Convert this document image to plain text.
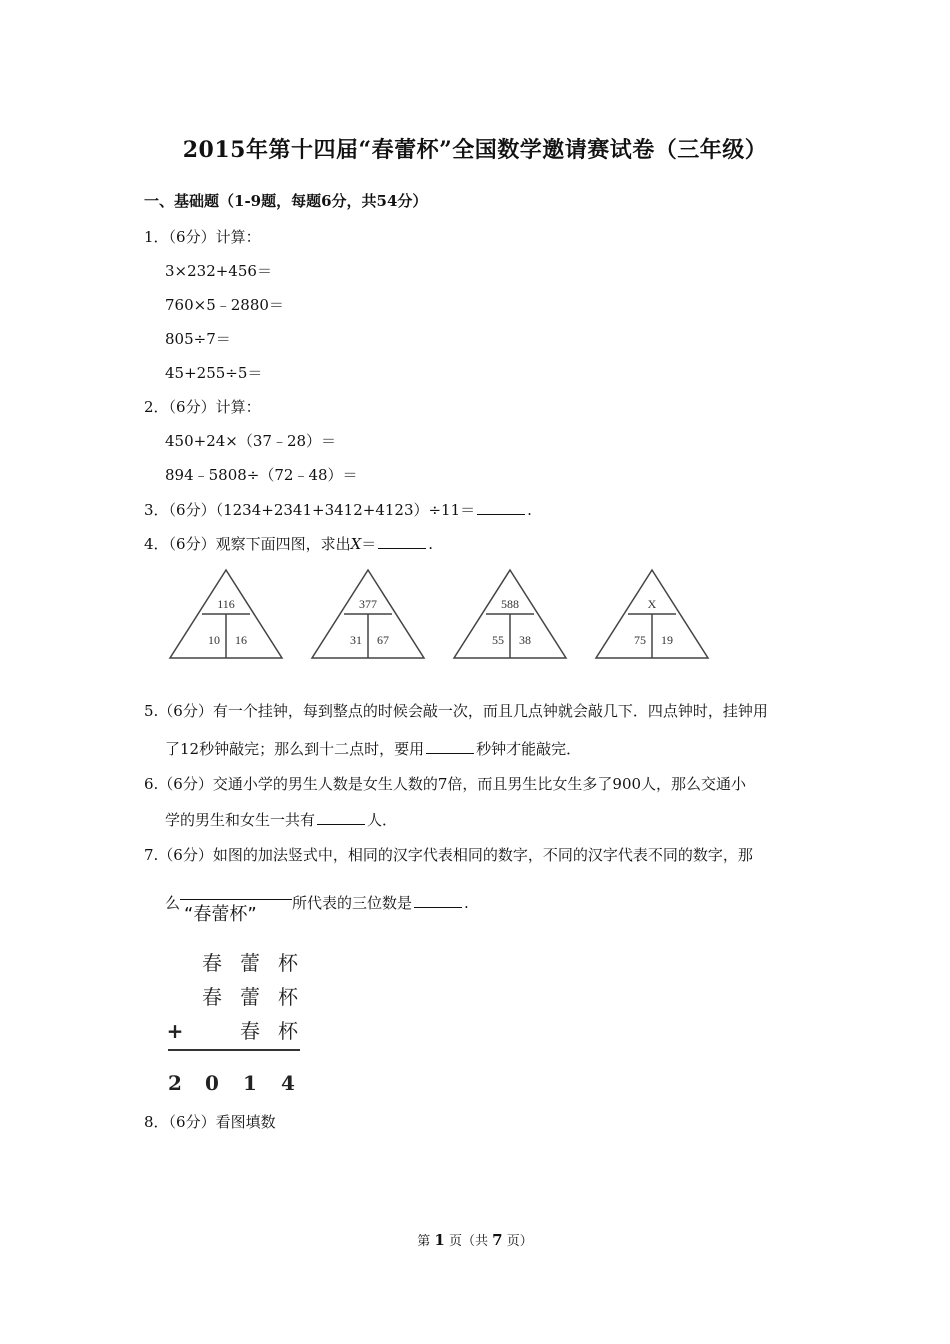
2015年第十四届“春蕾杯”全国数学邀请赛试卷（三年级）
一、基础题（1-9题，每题6分，共54分）
1．（6分）计算：
3×232+456＝
760×5﹣2880＝
805÷7＝
45+255÷5＝
2．（6分）计算：
450+24×（37﹣28）＝
894﹣5808÷（72﹣48）＝
3．（6分）（1234+2341+3412+4123）÷11＝	.
4．（6分）观察下面四图，求出X＝	.
116
10 16
377
31 67
588
55 38
X
75 19
5.（6分）有一个挂钟，每到整点的时候会敲一次，而且几点钟就会敲几下．四点钟时，挂钟用
了12秒钟敲完；那么到十二点时，要用	秒钟才能敲完．
6.（6分）交通小学的男生人数是女生人数的7倍，而且男生比女生多了900人，那么交通小
学的男生和女生一共有	人．
7.（6分）如图的加法竖式中，相同的汉字代表相同的数字，不同的汉字代表不同的数字，那
么	所代表的三位数是	.
“春蕾杯”
春 蕾 杯
春 蕾 杯
+	春 杯
2 0 1 4
8．（6分）看图填数
第 1 页（共 7 页）
